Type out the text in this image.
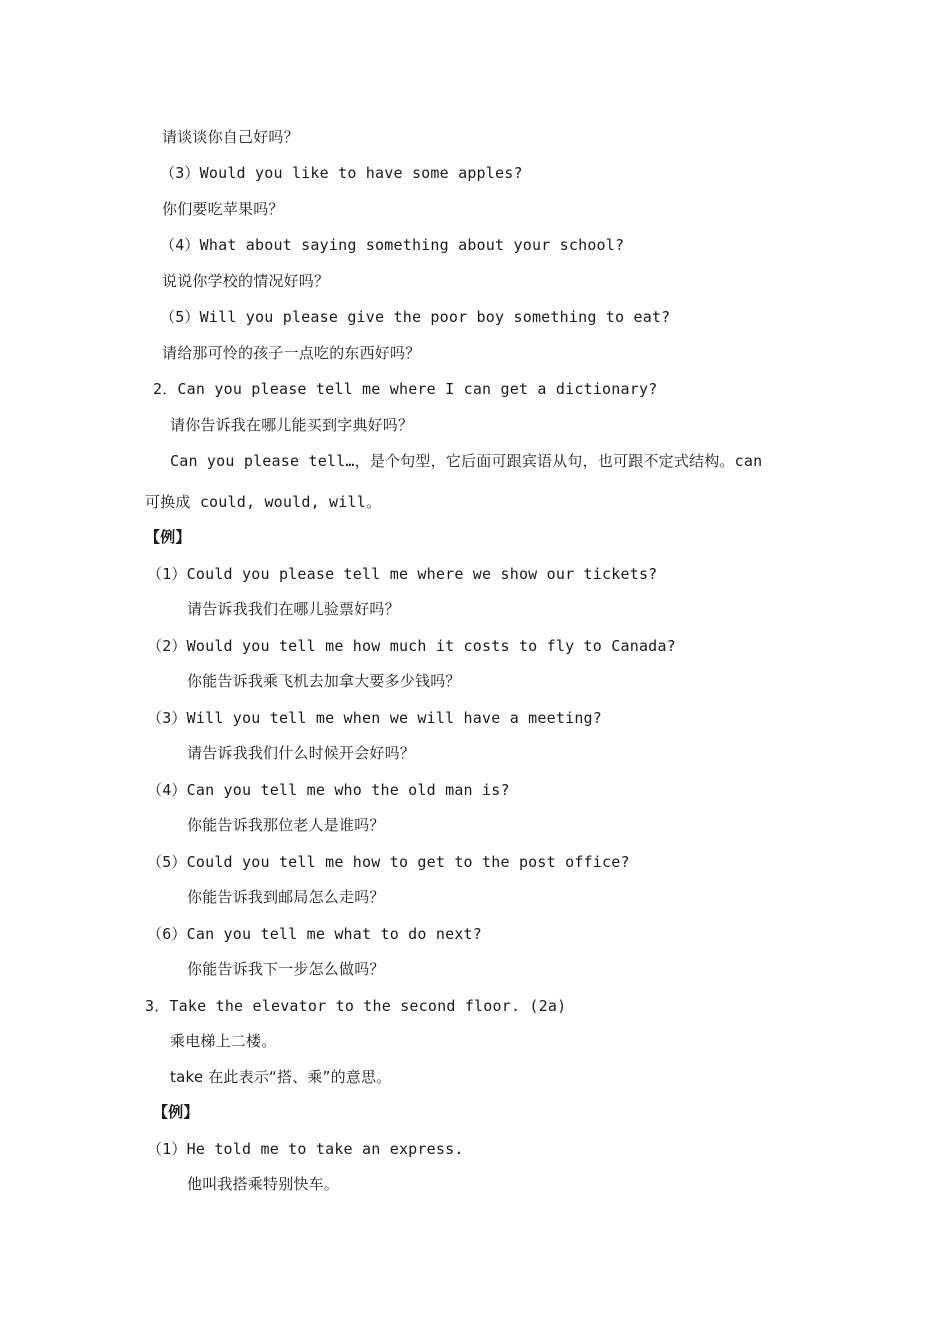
请谈谈你自己好吗？
（3）Would you like to have some apples?
你们要吃苹果吗？
（4）What about saying something about your school?
说说你学校的情况好吗？
（5）Will you please give the poor boy something to eat?
请给那可怜的孩子一点吃的东西好吗？
2．Can you please tell me where I can get a dictionary?
请你告诉我在哪儿能买到字典好吗？
Can you please tell…，是个句型，它后面可跟宾语从句，也可跟不定式结构。can
可换成 could, would, will。
【例】
（1）Could you please tell me where we show our tickets?
请告诉我我们在哪儿验票好吗？
（2）Would you tell me how much it costs to fly to Canada?
你能告诉我乘飞机去加拿大要多少钱吗？
（3）Will you tell me when we will have a meeting?
请告诉我我们什么时候开会好吗？
（4）Can you tell me who the old man is?
你能告诉我那位老人是谁吗？
（5）Could you tell me how to get to the post office?
你能告诉我到邮局怎么走吗？
（6）Can you tell me what to do next?
你能告诉我下一步怎么做吗？
3．Take the elevator to the second floor. (2a)
乘电梯上二楼。
take 在此表示“搭、乘”的意思。
【例】
（1）He told me to take an express.
他叫我搭乘特别快车。
